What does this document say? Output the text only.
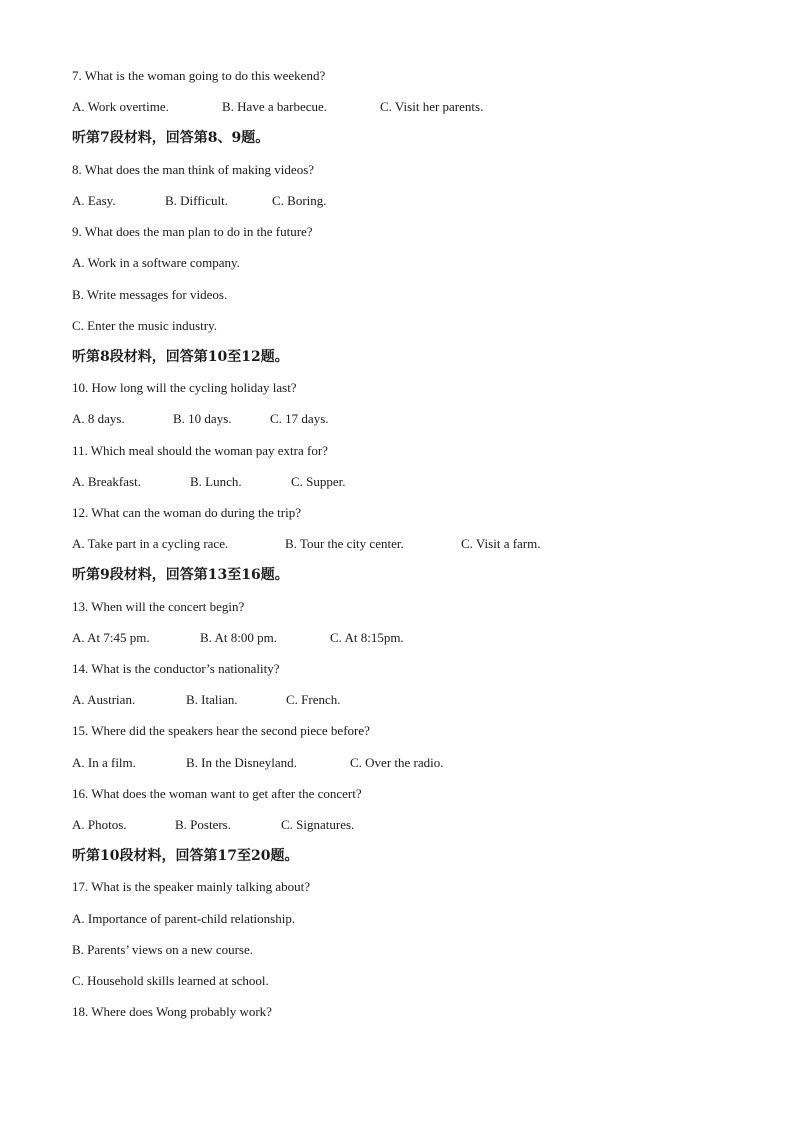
7. What is the woman going to do this weekend?
A. Work overtime.	B. Have a barbecue.	C. Visit her parents.
听第7段材料，回答第8、9题。
8. What does the man think of making videos?
A. Easy.	B. Difficult.	C. Boring.
9. What does the man plan to do in the future?
A. Work in a software company.
B. Write messages for videos.
C. Enter the music industry.
听第8段材料，回答第10至12题。
10. How long will the cycling holiday last?
A. 8 days.	B. 10 days.	C. 17 days.
11. Which meal should the woman pay extra for?
A. Breakfast.	B. Lunch.	C. Supper.
12. What can the woman do during the trip?
A. Take part in a cycling race.	B. Tour the city center.	C. Visit a farm.
听第9段材料，回答第13至16题。
13. When will the concert begin?
A. At 7:45 pm.	B. At 8:00 pm.	C. At 8:15pm.
14. What is the conductor’s nationality?
A. Austrian.	B. Italian.	C. French.
15. Where did the speakers hear the second piece before?
A. In a film.	B. In the Disneyland.	C. Over the radio.
16. What does the woman want to get after the concert?
A. Photos.	B. Posters.	C. Signatures.
听第10段材料，回答第17至20题。
17. What is the speaker mainly talking about?
A. Importance of parent-child relationship.
B. Parents’ views on a new course.
C. Household skills learned at school.
18. Where does Wong probably work?
